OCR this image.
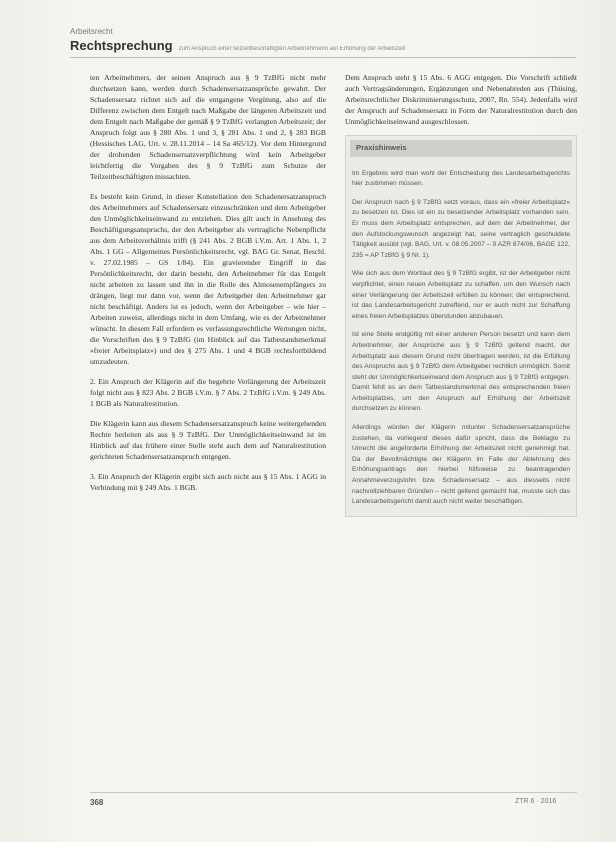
Arbeitsrecht
Rechtsprechung zum Anspruch einer teilzeitbeschäftigten Arbeitnehmerin auf Erhöhung der Arbeitszeit

ten Arbeitnehmers, der seinen Anspruch aus § 9 TzBfG nicht mehr durchsetzen kann, werden durch Schadensersatzansprüche gewahrt. Der Schadensersatz richtet sich auf die entgangene Vergütung, also auf die Differenz zwischen dem Entgelt nach Maßgabe der längeren Arbeitszeit und dem Entgelt nach Maßgabe der gemäß § 9 TzBfG verlangten Arbeitszeit; der Anspruch folgt aus § 280 Abs. 1 und 3, § 281 Abs. 1 und 2, § 283 BGB (Hessisches LAG, Urt. v. 28.11.2014 – 14 Sa 465/12). Vor dem Hintergrund der drohenden Schadensersatzverpflichtung wird kein Arbeitgeber leichtfertig die Vorgaben des § 9 TzBfG zum Schutze der Teilzeitbeschäftigten missachten.

Es besteht kein Grund, in dieser Konstellation den Schadenersatzanspruch des Arbeitnehmers auf Schadensersatz einzuschränken und dem Arbeitgeber den Unmöglichkeitseinwand zu entziehen. Dies gilt auch in Ansehung des Beschäftigungsanspruchs, der den Arbeitgeber als vertragliche Nebenpflicht aus dem Arbeitsverhältnis trifft (§ 241 Abs. 2 BGB i.V.m. Art. 1 Abs. 1, 2 Abs. 1 GG – Allgemeines Persönlichkeitsrecht, vgl. BAG Gr. Senat, Beschl. v. 27.02.1985 – GS 1/84). Ein gravierender Eingriff in das Persönlichkeitsrecht, der darin besteht, den Arbeitnehmer für das Entgelt nicht arbeiten zu lassen und ihn in die Rolle des Almosenempfängers zu drängen, liegt nur dann vor, wenn der Arbeitgeber den Arbeitnehmer gar nicht beschäftigt. Anders ist es jedoch, wenn der Arbeitgeber – wie hier – Arbeiten zuweist, allerdings nicht in dem Umfang, wie es der Arbeitnehmer wünscht. In diesem Fall erfordern es verfassungsrechtliche Wertungen nicht, die Vorschriften des § 9 TzBfG (im Hinblick auf das Tatbestandsmerkmal »freier Arbeitsplatz«) und des § 275 Abs. 1 und 4 BGB rechtsfortbildend umzudeuten.

2. Ein Anspruch der Klägerin auf die begehrte Verlängerung der Arbeitszeit folgt nicht aus § 823 Abs. 2 BGB i.V.m. § 7 Abs. 2 TzBfG i.V.m. § 249 Abs. 1 BGB als Naturalrestitution.

Die Klägerin kann aus diesem Schadensersatzanspruch keine weitergehenden Rechte herleiten als aus § 9 TzBfG. Der Unmöglichkeitseinwand ist im Hinblick auf das frühere einer Stelle steht auch dem auf Naturalrestitution gerichteten Schadensersatzanspruch entgegen.

3. Ein Anspruch der Klägerin ergibt sich auch nicht aus § 15 Abs. 1 AGG in Verbindung mit § 249 Abs. 1 BGB.

Dem Anspruch steht § 15 Abs. 6 AGG entgegen. Die Vorschrift schließt auch Vertragsänderungen, Ergänzungen und Nebenabreden aus (Thüsing, Arbeitsrechtlicher Diskriminierungsschutz, 2007, Rn. 554). Jedenfalls wird der Anspruch auf Schadensersatz in Form der Naturalrestitution durch den Unmöglichkeitseinwand ausgeschlossen.

Praxishinweis

Im Ergebnis wird man wohl der Entscheidung des Landesarbeitsgerichts hier zustimmen müssen.

Der Anspruch nach § 9 TzBfG setzt voraus, dass ein »freier Arbeitsplatz« zu besetzen ist. Dies ist ein zu besetzender Arbeitsplatz vorhanden sein. Er muss dem Arbeitsplatz entsprechen, auf dem der Arbeitnehmer, der den Aufstockungswunsch angezeigt hat, seine vertraglich geschuldete Tätigkeit ausübt (vgl. BAG, Urt. v. 08.05.2007 – 9 AZR 874/06, BAGE 122, 235 = AP TzBfG § 9 Nr. 1).

Wie sich aus dem Wortlaut des § 9 TzBfG ergibt, ist der Arbeitgeber nicht verpflichtet, einen neuen Arbeitsplatz zu schaffen, um den Wunsch nach einer Verlängerung der Arbeitszeit erfüllen zu können; der entsprechend, ist das Landesarbeitsgericht zutreffend, nur er auch nicht zur Schaffung eines freien Arbeitsplatzes überstunden abzubauen.

Ist eine Stelle endgültig mit einer anderen Person besetzt und kann dem Arbeitnehmer, der Ansprüche aus § 9 TzBfG geltend macht, der Arbeitsplatz aus diesem Grund nicht übertragen werden, ist die Erfüllung des Anspruchs aus § 9 TzBfG dem Arbeitgeber rechtlich unmöglich. Somit steht der Unmöglichkeitseinwand dem Anspruch aus § 9 TzBfG entgegen. Damit fehlt es an dem Tatbestandsmerkmal des entsprechenden freien Arbeitsplatzes, um den Anspruch auf Erhöhung der Arbeitszeit durchsetzen zu können.

Allerdings würden der Klägerin mitunter Schadensersatzansprüche zustehen, da vorliegend dieses dafür spricht, dass die Beklagte zu Unrecht die angeforderte Erhöhung der Arbeitszeit nicht genehmigt hat. Da der Bevollmächtigte der Klägerin im Falle der Ablehnung des Erhöhungsantrags den hierbei hilfsweise zu beantragenden Annahmeverzugslohn bzw. Schadensersatz – aus diesseits nicht nachvollziehbaren Gründen – nicht geltend gemacht hat, musste sich das Landesarbeitsgericht damit auch nicht weiter beschäftigen.

368	ZTR 6 · 2016
